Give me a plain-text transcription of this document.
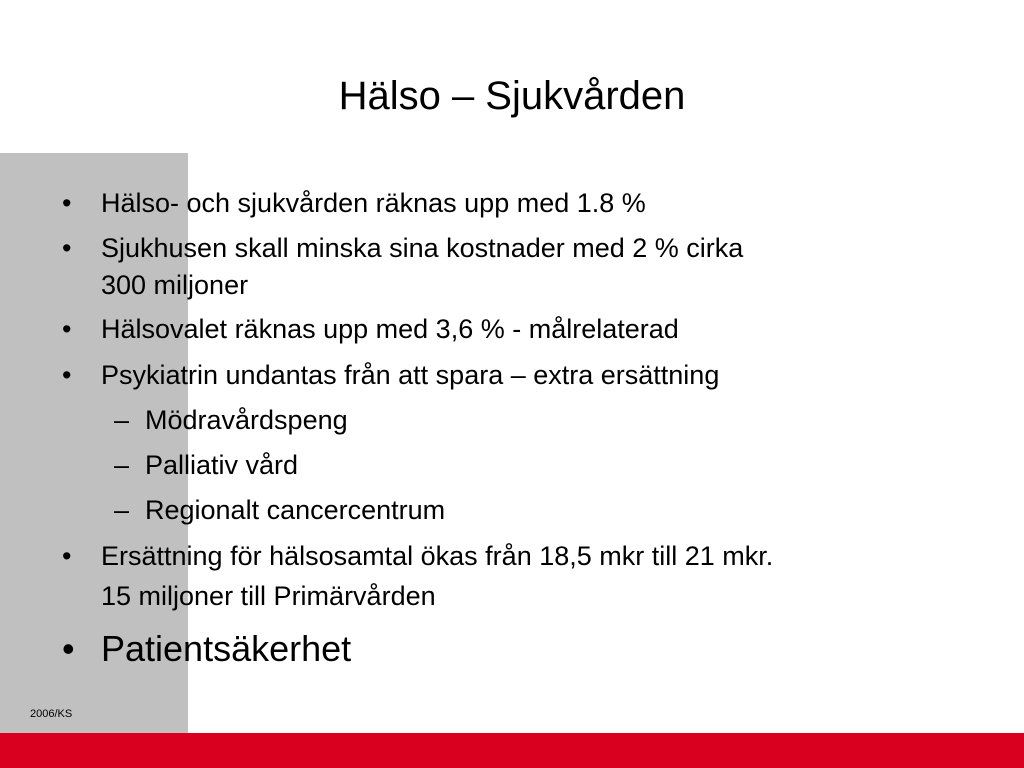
Hälso – Sjukvården
• Hälso- och sjukvården räknas upp med 1.8 %
• Sjukhusen skall minska sina kostnader med 2 % cirka
300 miljoner
• Hälsovalet räknas upp med 3,6 % - målrelaterad
• Psykiatrin undantas från att spara – extra ersättning
– Mödravårdspeng
– Palliativ vård
– Regionalt cancercentrum
• Ersättning för hälsosamtal ökas från 18,5 mkr till 21 mkr.
15 miljoner till Primärvården
• Patientsäkerhet
2006/KS
